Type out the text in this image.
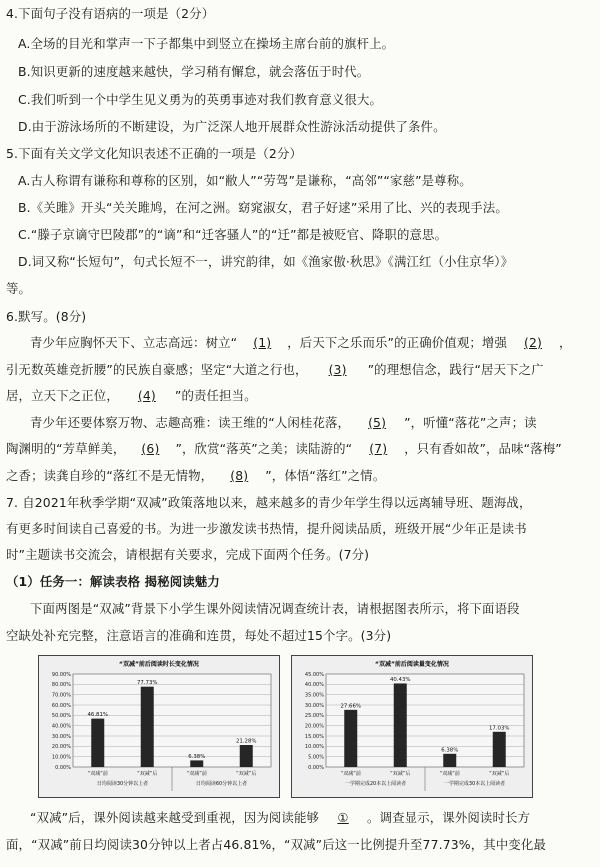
4.下面句子没有语病的一项是（2分）
A.全场的目光和掌声一下子都集中到竖立在操场主席台前的旗杆上。
B.知识更新的速度越来越快，学习稍有懈怠，就会落伍于时代。
C.我们听到一个中学生见义勇为的英勇事迹对我们教育意义很大。
D.由于游泳场所的不断建设，为广泛深人地开展群众性游泳活动提供了条件。
5.下面有关文学文化知识表述不正确的一项是（2分）
A.古人称谓有谦称和尊称的区别，如“敝人”“劳驾”是谦称，“高邻”“家慈”是尊称。
B.《关雎》开头“关关雎鸠，在河之洲。窈窕淑女，君子好逑”采用了比、兴的表现手法。
C.“滕子京谪守巴陵郡”的“谪”和“迁客骚人”的“迁”都是被贬官、降职的意思。
D.词又称“长短句”，句式长短不一，讲究韵律，如《渔家傲·秋思》《满江红（小住京华）》
等。
6.默写。(8分)
青少年应胸怀天下、立志高远：树立“ (1) ，后天下之乐而乐”的正确价值观；增强 (2) ，
引无数英雄竞折腰”的民族自豪感；坚定“大道之行也， (3) ”的理想信念，践行“居天下之广
居，立天下之正位， (4) ”的责任担当。
青少年还要体察万物、志趣高雅：读王维的“人闲桂花落， (5) ”，听懂“落花”之声；读
陶渊明的“芳草鲜美， (6) ”，欣赏“落英”之美；读陆游的“ (7) ，只有香如故”，品味“落梅”
之香；读龚自珍的“落红不是无情物， (8) ”，体悟“落红”之情。
7. 自2021年秋季学期“双减”政策落地以来，越来越多的青少年学生得以远离辅导班、题海战，
有更多时间读自己喜爱的书。为进一步激发读书热情，提升阅读品质，班级开展“少年正是读书
时”主题读书交流会，请根据有关要求，完成下面两个任务。(7分)
（1）任务一：解读表格 揭秘阅读魅力
下面两图是“双减”背景下小学生课外阅读情况调查统计表，请根据图表所示，将下面语段
空缺处补充完整，注意语言的准确和连贯，每处不超过15个字。(3分)
“双减”前后阅读时长变化情况
0.00%
10.00%
20.00%
30.00%
40.00%
50.00%
60.00%
70.00%
80.00%
90.00%
46.81%
“双减”前
77.73%
“双减”后
6.38%
“双减”前
21.28%
“双减”后
日均阅读30分钟以上者	日均阅读60分钟以上者
“双减”前后阅读量变化情况
0.00%
5.00%
10.00%
15.00%
20.00%
25.00%
30.00%
35.00%
40.00%
45.00%
27.66%
“双减”前
40.43%
“双减”后
6.38%
“双减”前
17.03%
“双减”后
一学期完成20本以上阅读者	一学期完成30本以上阅读者
“双减”后，课外阅读越来越受到重视，因为阅读能够 ① 。调查显示，课外阅读时长方
面，“双减”前日均阅读30分钟以上者占46.81%，“双减”后这一比例提升至77.73%，其中变化最
